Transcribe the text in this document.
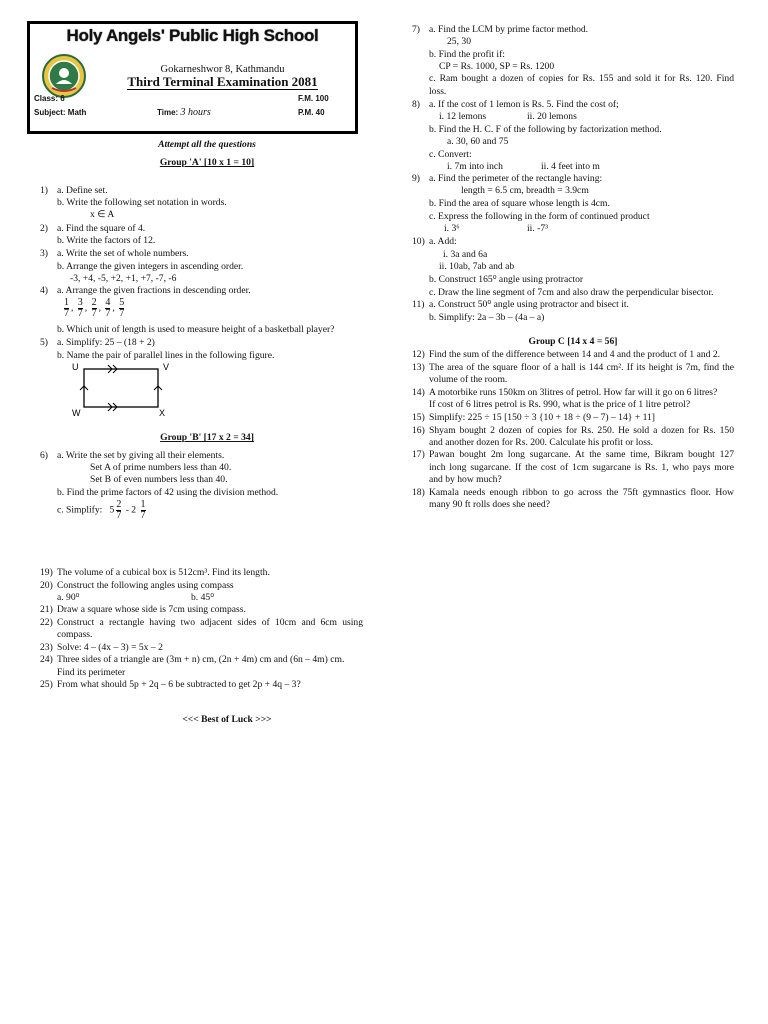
Holy Angels' Public High School
Gokarneshwor 8, Kathmandu
Third Terminal Examination 2081
Class: 6	F.M. 100
Subject: Math	Time: 3 hours	P.M. 40
Attempt all the questions
Group 'A' [10 x 1 = 10]
1) a. Define set.
b. Write the following set notation in words.
x ∈ A
2) a. Find the square of 4.
b. Write the factors of 12.
3) a. Write the set of whole numbers.
b. Arrange the given integers in ascending order.
-3, +4, -5, +2, +1, +7, -7, -6
4) a. Arrange the given fractions in descending order.
$\frac{1}{7}$ , $\frac{3}{7}$ , $\frac{2}{7}$ , $\frac{4}{7}$ , $\frac{5}{7}$
b. Which unit of length is used to measure height of a basketball player?
5) a. Simplify: 25 – (18 + 2)
b. Name the pair of parallel lines in the following figure.
U	V
W	X
Group 'B' [17 x 2 = 34]
6) a. Write the set by giving all their elements.
Set A of prime numbers less than 40.
Set B of even numbers less than 40.
b. Find the prime factors of 42 using the division method.
c. Simplify: $5 \frac{2}{7} - 2 \frac{1}{7}$
19) The volume of a cubical box is 512cm³. Find its length.
20) Construct the following angles using compass
a. 90⁰	b. 45⁰
21) Draw a square whose side is 7cm using compass.
22) Construct a rectangle having two adjacent sides of 10cm and 6cm using
compass.
23) Solve: 4 – (4x – 3) = 5x – 2
24) Three sides of a triangle are (3m + n) cm, (2n + 4m) cm and (6n – 4m) cm.
Find its perimeter
25) From what should 5p + 2q – 6 be subtracted to get 2p + 4q – 3?
<<< Best of Luck >>>
7) a. Find the LCM by prime factor method.
25, 30
b. Find the profit if:
CP = Rs. 1000, SP = Rs. 1200
c. Ram bought a dozen of copies for Rs. 155 and sold it for Rs. 120. Find
loss.
8) a. If the cost of 1 lemon is Rs. 5. Find the cost of;
i. 12 lemons	ii. 20 lemons
b. Find the H. C. F of the following by factorization method.
a. 30, 60 and 75
c. Convert:
i. 7m into inch	ii. 4 feet into m
9) a. Find the perimeter of the rectangle having:
length = 6.5 cm, breadth = 3.9cm
b. Find the area of square whose length is 4cm.
c. Express the following in the form of continued product
i. 3⁶	ii. -7³
10) a. Add:
i. 3a and 6a
ii. 10ab, 7ab and ab
b. Construct 165⁰ angle using protractor
c. Draw the line segment of 7cm and also draw the perpendicular bisector.
11) a. Construct 50⁰ angle using protractor and bisect it.
b. Simplify: 2a – 3b – (4a – a)
Group C [14 x 4 = 56]
12) Find the sum of the difference between 14 and 4 and the product of 1 and 2.
13) The area of the square floor of a hall is 144 cm². If its height is 7m, find the
volume of the room.
14) A motorbike runs 150km on 3litres of petrol. How far will it go on 6 litres?
If cost of 6 litres petrol is Rs. 990, what is the price of 1 litre petrol?
15) Simplify: 225 ÷ 15 [150 ÷ 3 {10 + 18 ÷ (9 – 7) – 14} + 11]
16) Shyam bought 2 dozen of copies for Rs. 250. He sold a dozen for Rs. 150
and another dozen for Rs. 200. Calculate his profit or loss.
17) Pawan bought 2m long sugarcane. At the same time, Bikram bought 127
inch long sugarcane. If the cost of 1cm sugarcane is Rs. 1, who pays more
and by how much?
18) Kamala needs enough ribbon to go across the 75ft gymnastics floor. How
many 90 ft rolls does she need?
